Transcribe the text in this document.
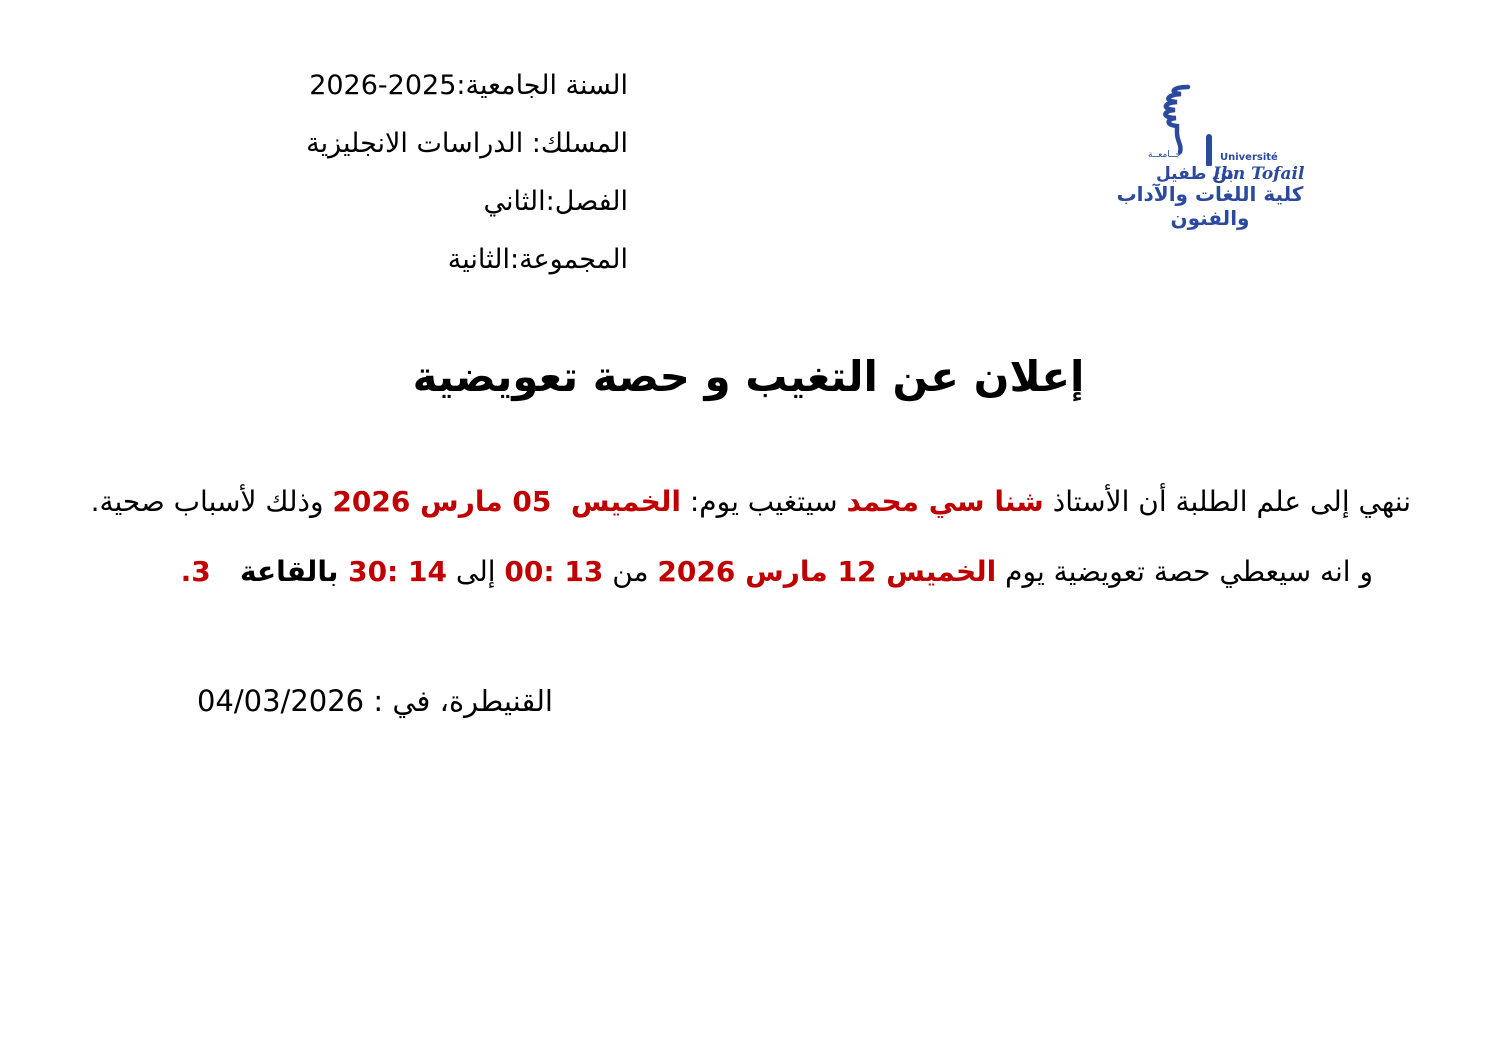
السنة الجامعية:2026-2025
المسلك: الدراسات الانجليزية
الفصل:الثاني
المجموعة:الثانية
جــامعــة	Université
Ibn Tofail
بن طفيل
كلية اللغات والآداب والفنون
إعلان عن التغيب و حصة تعويضية

ننهي إلى علم الطلبة أن الأستاذ شنا سي محمد سيتغيب يوم: الخميس  05 مارس 2026 وذلك لأسباب صحية.

و انه سيعطي حصة تعويضية يوم الخميس 12 مارس 2026 من 00: 13 إلى 30: 14 بالقاعة   3.

القنيطرة، في : 04/03/2026
